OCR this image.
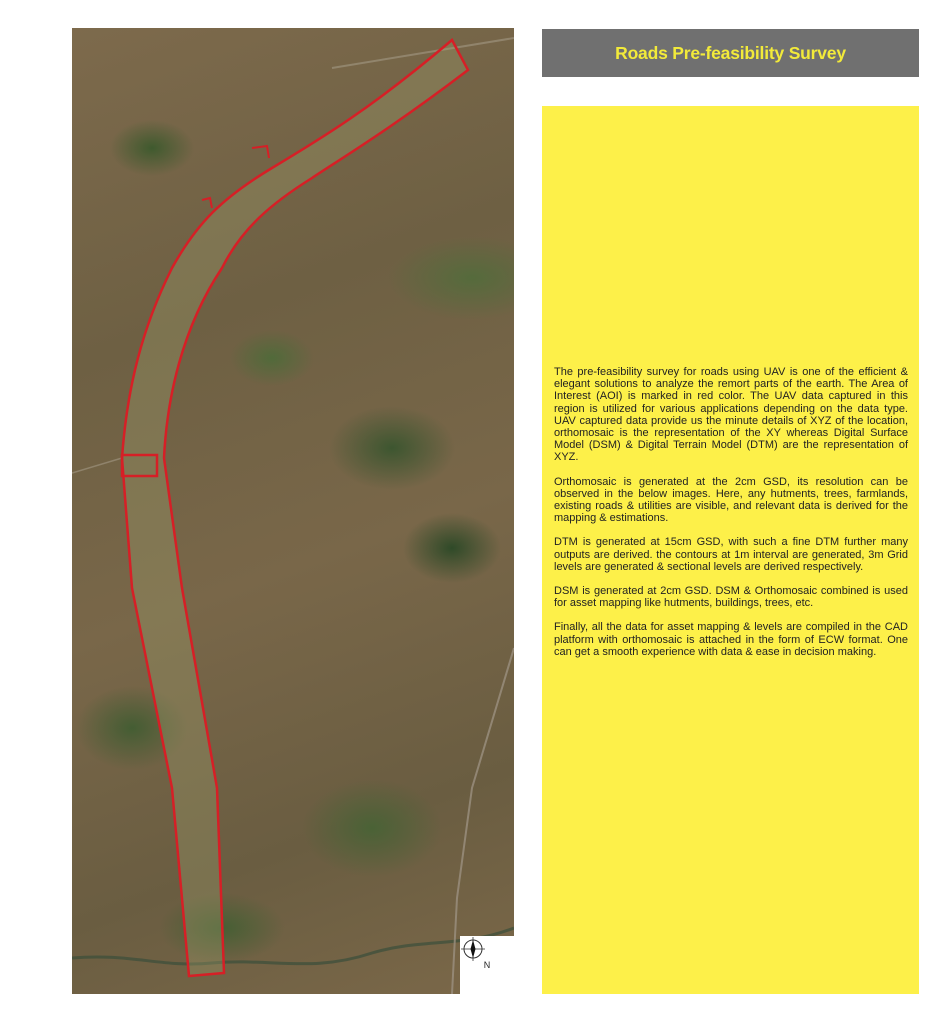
N
Roads Pre-feasibility Survey

The pre-feasibility survey for roads using UAV is one of the efficient & elegant solutions to analyze the remort parts of the earth. The Area of Interest (AOI) is marked in red color. The UAV data captured in this region is utilized for various applications depending on the data type. UAV captured data provide us the minute details of XYZ of the location, orthomosaic is the representation of the XY whereas Digital Surface Model (DSM) & Digital Terrain Model (DTM) are the representation of XYZ.

Orthomosaic is generated at the 2cm GSD, its resolution can be observed in the below images. Here, any hutments, trees, farmlands, existing roads & utilities are visible, and relevant data is derived for the mapping & estimations.

DTM is generated at 15cm GSD, with such a fine DTM further many outputs are derived. the contours at 1m interval are generated, 3m Grid levels are generated & sectional levels are derived respectively.

DSM is generated at 2cm GSD. DSM & Orthomosaic combined is used for asset mapping like hutments, buildings, trees, etc.

Finally, all the data for asset mapping & levels are compiled in the CAD platform with orthomosaic is attached in the form of ECW format. One can get a smooth experience with data & ease in decision making.
